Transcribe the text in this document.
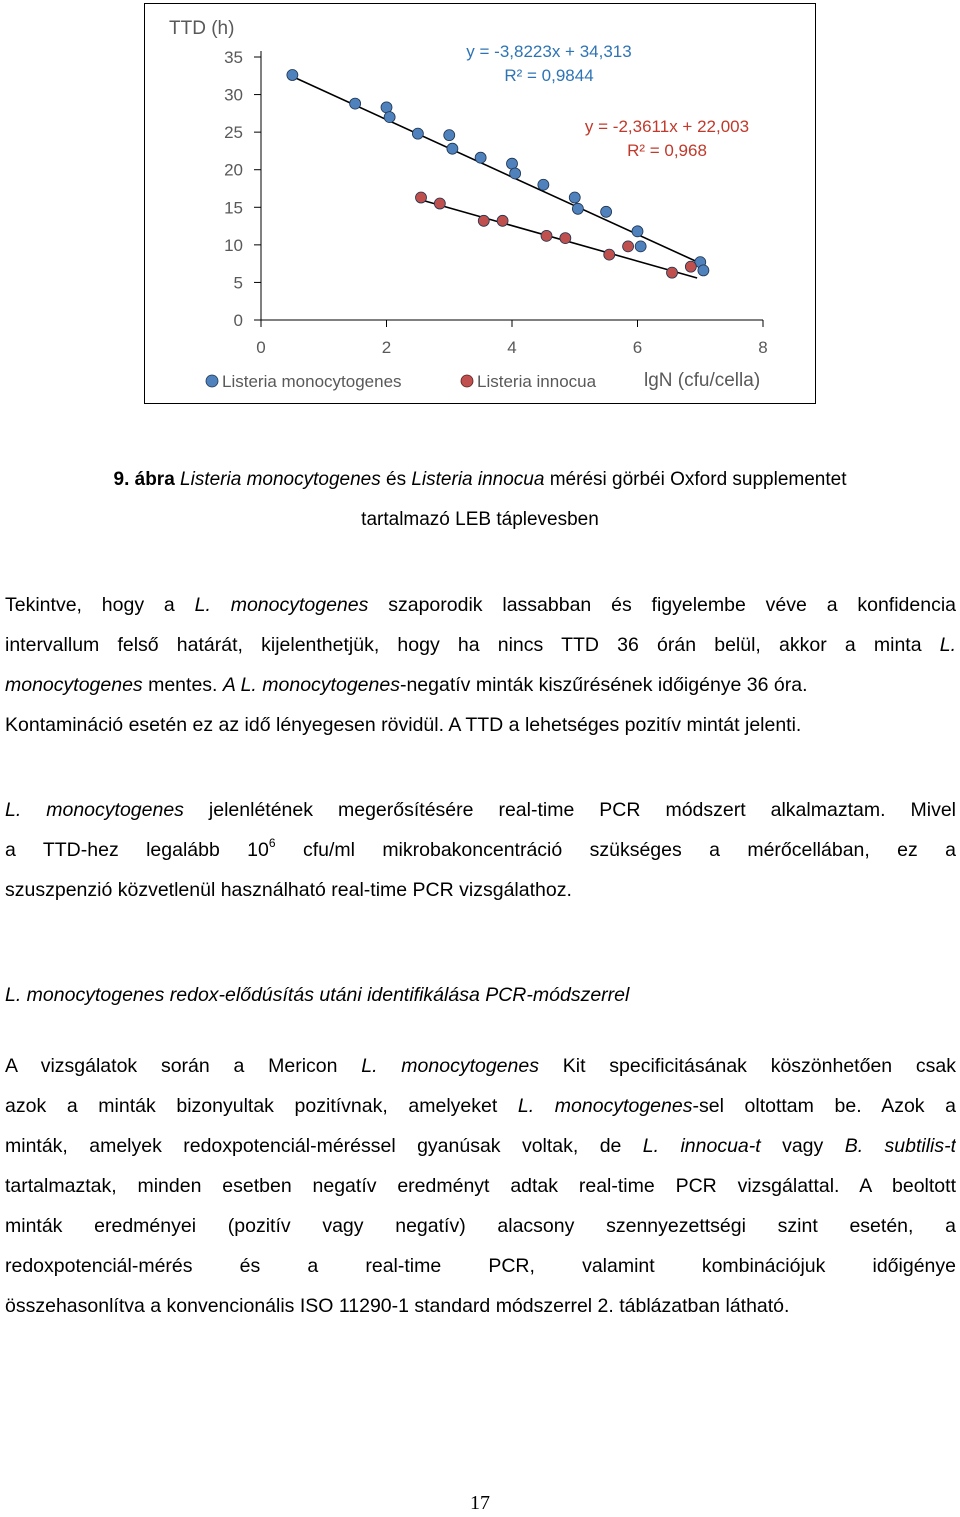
35
30
25
20
15
10
5
0
0	2	4	6	8
TTD (h)
lgN (cfu/cella)
y = -3,8223x + 34,313
R² = 0,9844
y = -2,3611x + 22,003
R² = 0,968
Listeria monocytogenes	Listeria innocua
9. ábra Listeria monocytogenes és Listeria innocua mérési görbéi Oxford supplementet
tartalmazó LEB táplevesben
Tekintve, hogy a L. monocytogenes szaporodik lassabban és figyelembe véve a konfidencia
intervallum felső határát, kijelenthetjük, hogy ha nincs TTD 36 órán belül, akkor a minta L.
monocytogenes mentes. A L. monocytogenes-negatív minták kiszűrésének időigénye 36 óra.
Kontamináció esetén ez az idő lényegesen rövidül. A TTD a lehetséges pozitív mintát jelenti.
L. monocytogenes jelenlétének megerősítésére real-time PCR módszert alkalmaztam. Mivel
a TTD-hez legalább $10^6$ cfu/ml mikrobakoncentráció szükséges a mérőcellában, ez a
szuszpenzió közvetlenül használható real-time PCR vizsgálathoz.
L. monocytogenes redox-elődúsítás utáni identifikálása PCR-módszerrel
A vizsgálatok során a Mericon L. monocytogenes Kit specificitásának köszönhetően csak
azok a minták bizonyultak pozitívnak, amelyeket L. monocytogenes-sel oltottam be. Azok a
minták, amelyek redoxpotenciál-méréssel gyanúsak voltak, de L. innocua-t vagy B. subtilis-t
tartalmaztak, minden esetben negatív eredményt adtak real-time PCR vizsgálattal. A beoltott
minták eredményei (pozitív vagy negatív) alacsony szennyezettségi szint esetén, a
redoxpotenciál-mérés és a real-time PCR, valamint kombinációjuk időigénye
összehasonlítva a konvencionális ISO 11290-1 standard módszerrel 2. táblázatban látható.
17
